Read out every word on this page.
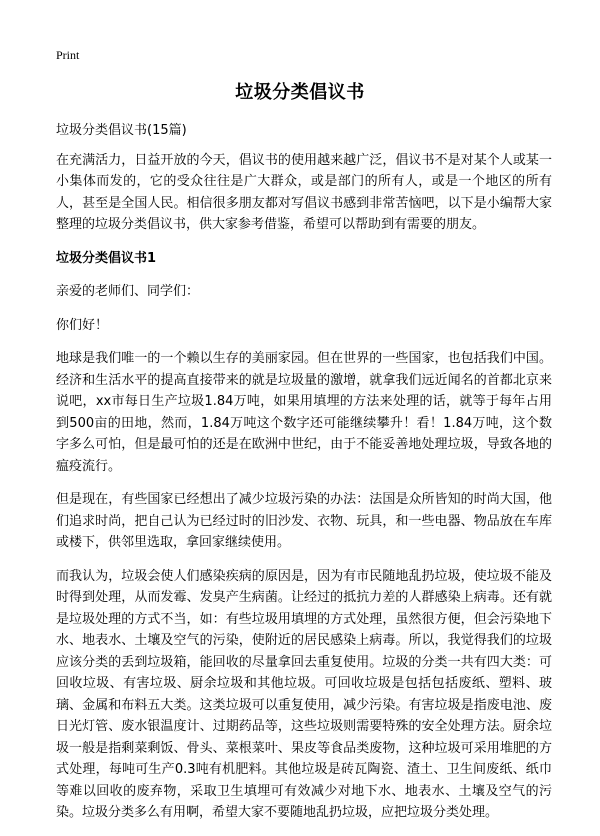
Print
垃圾分类倡议书

垃圾分类倡议书(15篇)

在充满活力，日益开放的今天，倡议书的使用越来越广泛，倡议书不是对某个人或某一小集体而发的，它的受众往往是广大群众，或是部门的所有人，或是一个地区的所有人，甚至是全国人民。相信很多朋友都对写倡议书感到非常苦恼吧，以下是小编帮大家整理的垃圾分类倡议书，供大家参考借鉴，希望可以帮助到有需要的朋友。

垃圾分类倡议书1

亲爱的老师们、同学们：

你们好！

地球是我们唯一的一个赖以生存的美丽家园。但在世界的一些国家，也包括我们中国。经济和生活水平的提高直接带来的就是垃圾量的激增，就拿我们远近闻名的首都北京来说吧，xx市每日生产垃圾1.84万吨，如果用填埋的方法来处理的话，就等于每年占用到500亩的田地，然而，1.84万吨这个数字还可能继续攀升！看！1.84万吨，这个数字多么可怕，但是最可怕的还是在欧洲中世纪，由于不能妥善地处理垃圾，导致各地的瘟疫流行。

但是现在，有些国家已经想出了减少垃圾污染的办法：法国是众所皆知的时尚大国，他们追求时尚，把自己认为已经过时的旧沙发、衣物、玩具，和一些电器、物品放在车库或楼下，供邻里选取，拿回家继续使用。

而我认为，垃圾会使人们感染疾病的原因是，因为有市民随地乱扔垃圾，使垃圾不能及时得到处理，从而发霉、发臭产生病菌。让经过的抵抗力差的人群感染上病毒。还有就是垃圾处理的方式不当，如：有些垃圾用填埋的方式处理，虽然很方便，但会污染地下水、地表水、土壤及空气的污染，使附近的居民感染上病毒。所以，我觉得我们的垃圾应该分类的丢到垃圾箱，能回收的尽量拿回去重复使用。垃圾的分类一共有四大类：可回收垃圾、有害垃圾、厨余垃圾和其他垃圾。可回收垃圾是包括包括废纸、塑料、玻璃、金属和布料五大类。这类垃圾可以重复使用，减少污染。有害垃圾是指废电池、废日光灯管、废水银温度计、过期药品等，这些垃圾则需要特殊的安全处理方法。厨余垃圾一般是指剩菜剩饭、骨头、菜根菜叶、果皮等食品类废物，这种垃圾可采用堆肥的方式处理，每吨可生产0.3吨有机肥料。其他垃圾是砖瓦陶瓷、渣土、卫生间废纸、纸巾等难以回收的废弃物，采取卫生填埋可有效减少对地下水、地表水、土壤及空气的污染。垃圾分类多么有用啊，希望大家不要随地乱扔垃圾，应把垃圾分类处理。
